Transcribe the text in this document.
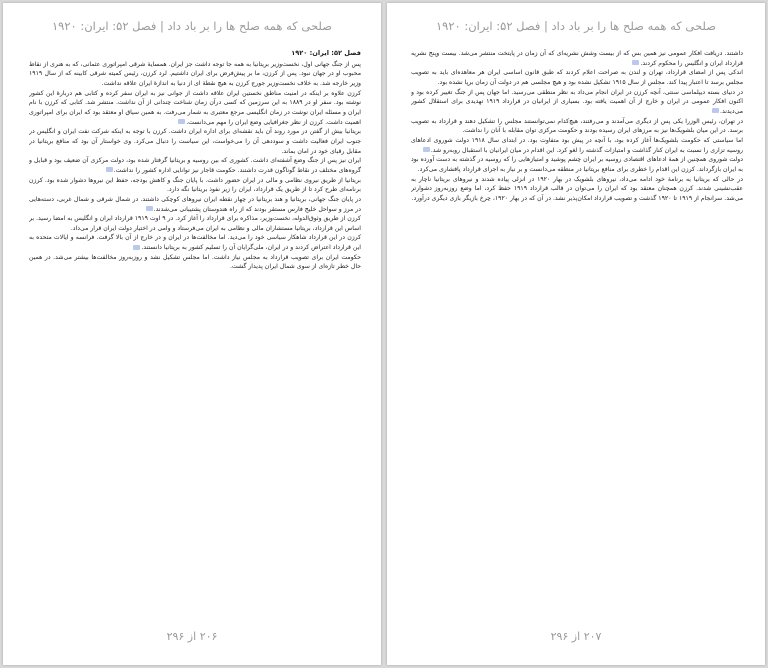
صلحی که همه صلح ها را بر باد داد | فصل ۵۲: ایران: ۱۹۲۰

فصل ۵۲: ایران: ۱۹۲۰

پس از جنگ جهانی اول، نخست‌وزیر بریتانیا به همه جا توجه داشت جز ایران. همسایهٔ شرقی امپراتوری عثمانی، که به هنری از نقاط محبوب او در جهان نبود. پس از کرزن، ما بر پیش‌فرض برای ایران داشتیم. لرد کرزن، رئیس کمیته شرقی کابینه که از سال ۱۹۱۹ وزیر خارجه شد. به خلاف نخست‌وزیر جورج کرزن به هیچ نقطهٔ ای از دنیا به اندازهٔ ایران علاقه نداشت.

کرزن علاوه بر اینکه در امنیت مناطق نخستین ایران علاقه داشت از جوانی نیز به ایران سفر کرده و کتابی هم دربارهٔ این کشور نوشته بود. سفر او در ۱۸۸۹ به این سرزمین که کسی درآن زمان شناخت چندانی از آن نداشت. منتشر شد. کتابی که کرزن با نام ایران و مسئله ایران نوشت در زمان انگلیسی مرجع معتبری به شمار می‌رفت. به همین سیاق او معتقد بود که ایران برای امپراتوری اهمیت داشت. کرزن از نظر جغرافیایی وضع ایران را مهم می‌دانست.

بریتانیا بیش از گفتن در مورد روند آن باید نقشه‌ای برای اداره ایران داشت. کرزن با توجه به اینکه شرکت نفت ایران و انگلیس در جنوب ایران فعالیت داشت و سوددهی آن را می‌خواست، این سیاست را دنبال می‌کرد. وی خواستار آن بود که منافع بریتانیا در مقابل رقبای خود در امان بماند.

ایران نیز پس از جنگ وضع آشفته‌ای داشت. کشوری که بین روسیه و بریتانیا گرفتار شده بود، دولت مرکزی آن ضعیف بود و قبایل و گروه‌های مختلف در نقاط گوناگون قدرت داشتند. حکومت قاجار نیز توانایی اداره کشور را نداشت.

بریتانیا از طریق نیروی نظامی و مالی در ایران حضور داشت. با پایان جنگ و کاهش بودجه، حفظ این نیروها دشوار شده بود. کرزن برنامه‌ای طرح کرد تا از طریق یک قرارداد، ایران را زیر نفوذ بریتانیا نگه دارد.

در پایان جنگ جهانی، بریتانیا و هند بریتانیا در چهار نقطه ایران نیروهای کوچکی داشتند. در شمال شرقی و شمال غربی، دسته‌هایی در مرز و سواحل خلیج فارس مستقر بودند که از راه هندوستان پشتیبانی می‌شدند.

کرزن از طریق وثوق‌الدوله، نخست‌وزیر، مذاکره برای قرارداد را آغاز کرد. در ۹ اوت ۱۹۱۹ قرارداد ایران و انگلیس به امضا رسید. بر اساس این قرارداد، بریتانیا مستشاران مالی و نظامی به ایران می‌فرستاد و وامی در اختیار دولت ایران قرار می‌داد.

کرزن در این قرارداد شاهکار سیاسی خود را می‌دید. اما مخالفت‌ها در ایران و در خارج از آن بالا گرفت. فرانسه و ایالات متحده به این قرارداد اعتراض کردند و در ایران، ملی‌گرایان آن را تسلیم کشور به بریتانیا دانستند.

حکومت ایران برای تصویب قرارداد به مجلس نیاز داشت. اما مجلس تشکیل نشد و روزبه‌روز مخالفت‌ها بیشتر می‌شد. در همین حال خطر تازه‌ای از سوی شمال ایران پدیدار گشت.

۲۰۶ از ۲۹۶
صلحی که همه صلح ها را بر باد داد | فصل ۵۲: ایران: ۱۹۲۰

داشتند. دریافت افکار عمومی نیز همین بس که از بیست وشش نشریه‌ای که آن زمان در پایتخت منتشر می‌شد. بیست وپنج نشریه قرارداد ایران و انگلیس را محکوم کردند.

اندکی پس از امضای قرارداد، تهران و لندن به صراحت اعلام کردند که طبق قانون اساسی ایران هر معاهده‌ای باید به تصویب مجلس برسد تا اعتبار پیدا کند. مجلس از سال ۱۹۱۵ تشکیل نشده بود و هیچ مجلسی هم در دولت آن زمان برپا نشده بود.

در دنیای بسته دیپلماسی سنتی، آنچه کرزن در ایران انجام می‌داد به نظر منطقی می‌رسید. اما جهان پس از جنگ تغییر کرده بود و اکنون افکار عمومی در ایران و خارج از آن اهمیت یافته بود. بسیاری از ایرانیان در قرارداد ۱۹۱۹ تهدیدی برای استقلال کشور می‌دیدند.

در تهران، رئیس الوزرا یکی پس از دیگری می‌آمدند و می‌رفتند، هیچ‌کدام نمی‌توانستند مجلس را تشکیل دهند و قرارداد به تصویب برسد. در این میان بلشویک‌ها نیز به مرزهای ایران رسیده بودند و حکومت مرکزی توان مقابله با آنان را نداشت.

اما سیاستی که حکومت بلشویک‌ها آغاز کرده بود، با آنچه در پیش بود متفاوت بود. در ابتدای سال ۱۹۱۸ دولت شوروی ادعاهای روسیه تزاری را نسبت به ایران کنار گذاشت و امتیازات گذشته را لغو کرد. این اقدام در میان ایرانیان با استقبال روبه‌رو شد.

دولت شوروی همچنین از همهٔ ادعاهای اقتصادی روسیه بر ایران چشم پوشید و امتیازهایی را که روسیه در گذشته به دست آورده بود به ایران بازگرداند. کرزن این اقدام را خطری برای منافع بریتانیا در منطقه می‌دانست و بر نیاز به اجرای قرارداد پافشاری می‌کرد.

در حالی که بریتانیا به برنامهٔ خود ادامه می‌داد، نیروهای بلشویک در بهار ۱۹۲۰ در انزلی پیاده شدند و نیروهای بریتانیا ناچار به عقب‌نشینی شدند. کرزن همچنان معتقد بود که ایران را می‌توان در قالب قرارداد ۱۹۱۹ حفظ کرد، اما وضع روزبه‌روز دشوارتر می‌شد. سرانجام از ۱۹۱۹ تا ۱۹۲۰ گذشت و تصویب قرارداد امکان‌پذیر نشد. در آن که در بهار ۱۹۲۰، چرخ بازیگر بازی دیگری درآورد.

۲۰۷ از ۲۹۶
